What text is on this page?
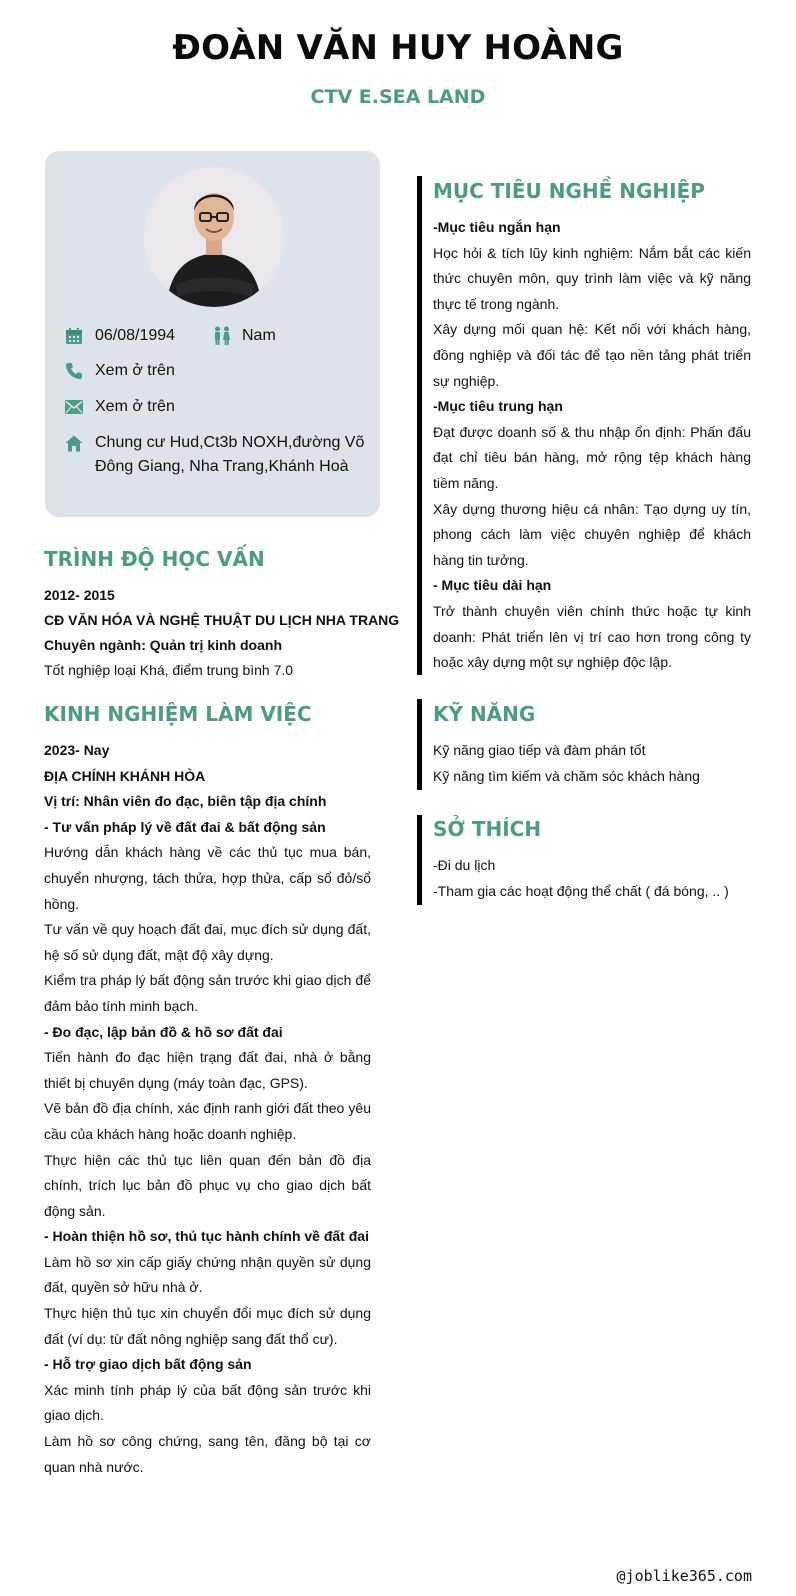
ĐOÀN VĂN HUY HOÀNG
CTV E.SEA LAND
06/08/1994	Nam
Xem ở trên
Xem ở trên
Chung cư Hud,Ct3b NOXH,đường Võ
Đông Giang, Nha Trang,Khánh Hoà
TRÌNH ĐỘ HỌC VẤN

2012- 2015

CĐ VĂN HÓA VÀ NGHỆ THUẬT DU LỊCH NHA TRANG

Chuyên ngành: Quản trị kinh doanh

Tốt nghiệp loại Khá, điểm trung bình 7.0

KINH NGHIỆM LÀM VIỆC

2023- Nay

ĐỊA CHÍNH KHÁNH HÒA

Vị trí: Nhân viên đo đạc, biên tập địa chính

- Tư vấn pháp lý về đất đai & bất động sản

Hướng dẫn khách hàng về các thủ tục mua bán, chuyển nhượng, tách thửa, hợp thửa, cấp sổ đỏ/sổ hồng.

Tư vấn về quy hoạch đất đai, mục đích sử dụng đất, hệ số sử dụng đất, mật độ xây dựng.

Kiểm tra pháp lý bất động sản trước khi giao dịch để đảm bảo tính minh bạch.

- Đo đạc, lập bản đồ & hồ sơ đất đai

Tiến hành đo đạc hiện trạng đất đai, nhà ở bằng thiết bị chuyên dụng (máy toàn đạc, GPS).

Vẽ bản đồ địa chính, xác định ranh giới đất theo yêu cầu của khách hàng hoặc doanh nghiệp.

Thực hiện các thủ tục liên quan đến bản đồ địa chính, trích lục bản đồ phục vụ cho giao dịch bất động sản.

- Hoàn thiện hồ sơ, thủ tục hành chính về đất đai

Làm hồ sơ xin cấp giấy chứng nhận quyền sử dụng đất, quyền sở hữu nhà ở.

Thực hiện thủ tục xin chuyển đổi mục đích sử dụng đất (ví dụ: từ đất nông nghiệp sang đất thổ cư).

- Hỗ trợ giao dịch bất động sản

Xác minh tính pháp lý của bất động sản trước khi giao dịch.

Làm hồ sơ công chứng, sang tên, đăng bộ tại cơ quan nhà nước.

MỤC TIÊU NGHỀ NGHIỆP

-Mục tiêu ngắn hạn

Học hỏi & tích lũy kinh nghiệm: Nắm bắt các kiến thức chuyên môn, quy trình làm việc và kỹ năng thực tế trong ngành.

Xây dựng mối quan hệ: Kết nối với khách hàng, đồng nghiệp và đối tác để tạo nền tảng phát triển sự nghiệp.

-Mục tiêu trung hạn

Đạt được doanh số & thu nhập ổn định: Phấn đấu đạt chỉ tiêu bán hàng, mở rộng tệp khách hàng tiềm năng.

Xây dựng thương hiệu cá nhân: Tạo dựng uy tín, phong cách làm việc chuyên nghiệp để khách hàng tin tưởng.

- Mục tiêu dài hạn

Trở thành chuyên viên chính thức hoặc tự kinh doanh: Phát triển lên vị trí cao hơn trong công ty hoặc xây dựng một sự nghiệp độc lập.

KỸ NĂNG

Kỹ năng giao tiếp và đàm phán tốt

Kỹ năng tìm kiếm và chăm sóc khách hàng

SỞ THÍCH

-Đi du lịch

-Tham gia các hoạt động thể chất ( đá bóng, .. )

@joblike365.com
